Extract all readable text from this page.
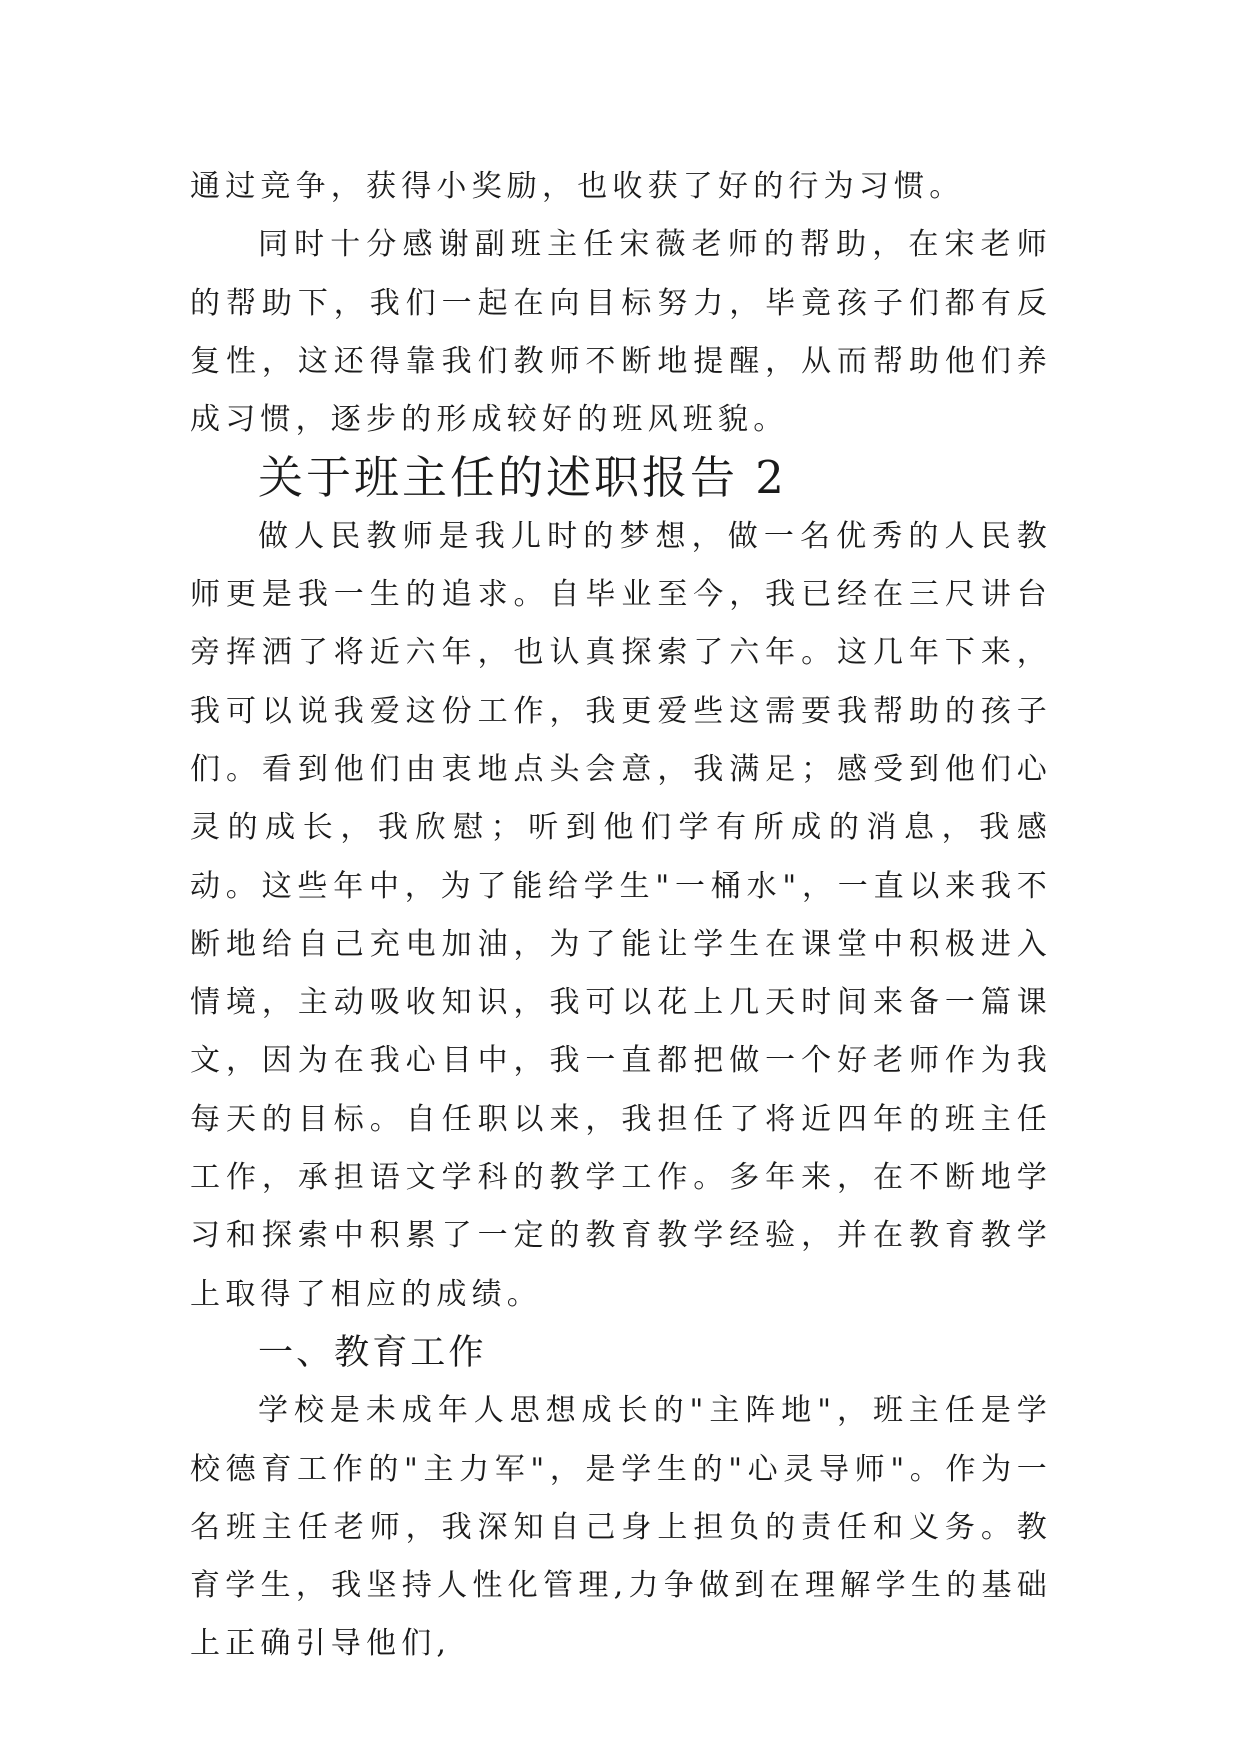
通过竞争，获得小奖励，也收获了好的行为习惯。

同时十分感谢副班主任宋薇老师的帮助，在宋老师的帮助下，我们一起在向目标努力，毕竟孩子们都有反复性，这还得靠我们教师不断地提醒，从而帮助他们养成习惯，逐步的形成较好的班风班貌。

关于班主任的述职报告 2

做人民教师是我儿时的梦想，做一名优秀的人民教师更是我一生的追求。自毕业至今，我已经在三尺讲台旁挥洒了将近六年，也认真探索了六年。这几年下来，我可以说我爱这份工作，我更爱些这需要我帮助的孩子们。看到他们由衷地点头会意，我满足；感受到他们心灵的成长，我欣慰；听到他们学有所成的消息，我感动。这些年中，为了能给学生"一桶水"，一直以来我不断地给自己充电加油，为了能让学生在课堂中积极进入情境，主动吸收知识，我可以花上几天时间来备一篇课文，因为在我心目中，我一直都把做一个好老师作为我每天的目标。自任职以来，我担任了将近四年的班主任工作，承担语文学科的教学工作。多年来，在不断地学习和探索中积累了一定的教育教学经验，并在教育教学上取得了相应的成绩。

一、教育工作

学校是未成年人思想成长的"主阵地"，班主任是学校德育工作的"主力军"，是学生的"心灵导师"。作为一名班主任老师，我深知自己身上担负的责任和义务。教育学生，我坚持人性化管理,力争做到在理解学生的基础上正确引导他们,
